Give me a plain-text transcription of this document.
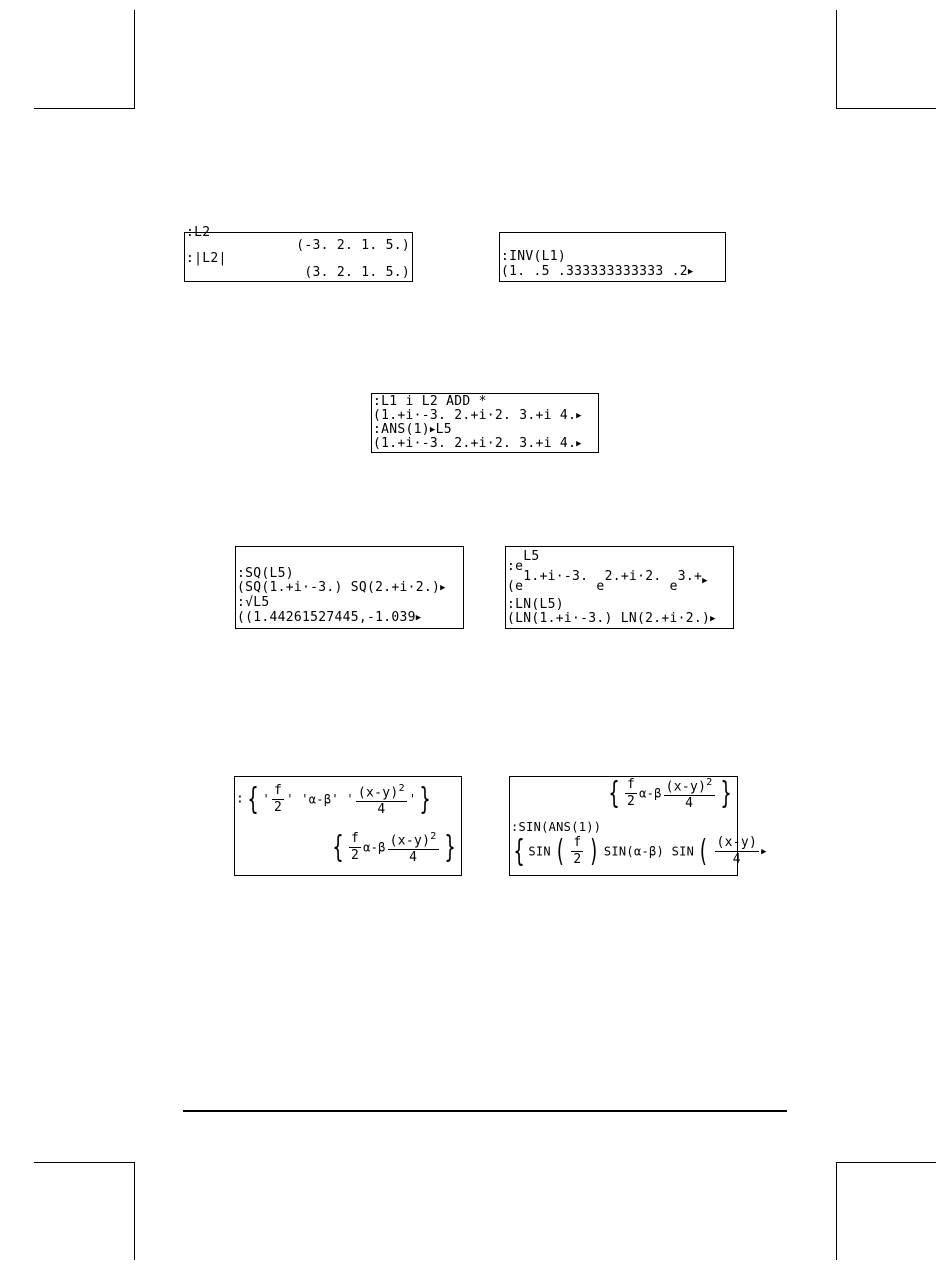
:L2
(-3. 2. 1. 5.)
:|L2|
(3. 2. 1. 5.)
:INV(L1)
(1. .5 .333333333333 .2▶
:L1 i L2 ADD *
(1.+i·-3. 2.+i·2. 3.+i 4.▶
:ANS(1)▶L5
(1.+i·-3. 2.+i·2. 3.+i 4.▶
:SQ(L5)
(SQ(1.+i·-3.) SQ(2.+i·2.)▶
:√L5
((1.44261527445,-1.039▶
:eL5
(e1.+i·-3. e2.+i·2. e3.+▶
:LN(L5)
(LN(1.+i·-3.) LN(2.+i·2.)▶
: { ' $\frac{f}{2}$ ' 'α-β' ' $\frac{(x-y)^2}{4}$ ' }
{ $\frac{f}{2} \alpha-\beta \frac{(x-y)^2}{4}$ }
{ $\frac{f}{2} \alpha-\beta \frac{(x-y)^2}{4}$ }
:SIN(ANS(1))
{ SIN ( $\frac{f}{2}$ ) SIN(α-β) SIN ( $\frac{(x-y)}{4}$ ▶
